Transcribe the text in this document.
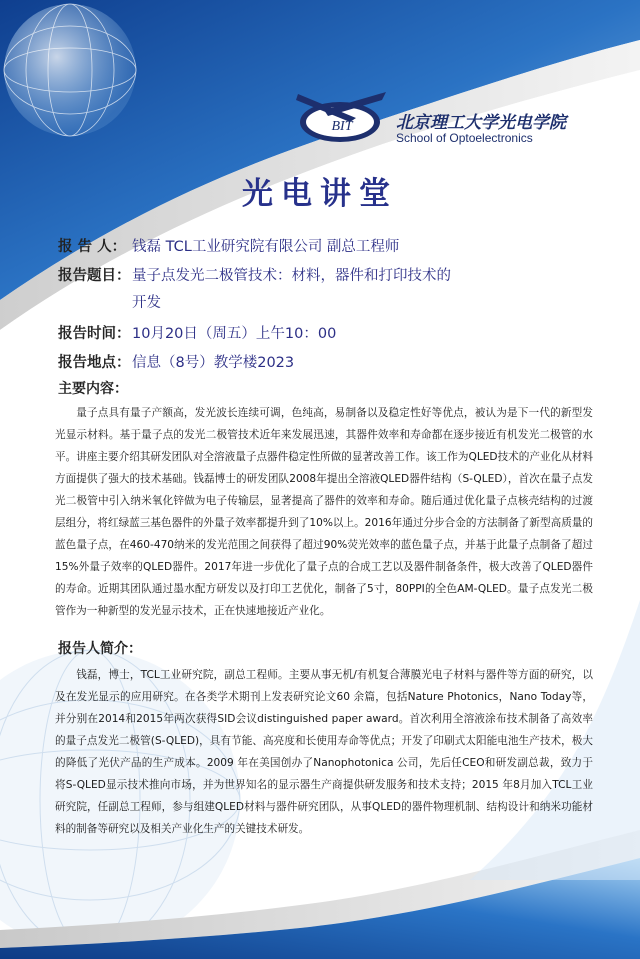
BIT	北京理工大学光电学院
School of Optoelectronics
光电讲堂
报 告 人： 钱磊 TCL工业研究院有限公司 副总工程师
报告题目： 量子点发光二极管技术：材料，器件和打印技术的开发
报告时间： 10月20日（周五）上午10：00
报告地点： 信息（8号）教学楼2023
主要内容：

量子点具有量子产额高，发光波长连续可调，色纯高，易制备以及稳定性好等优点，被认为是下一代的新型发光显示材料。基于量子点的发光二极管技术近年来发展迅速，其器件效率和寿命都在逐步接近有机发光二极管的水平。讲座主要介绍其研发团队对全溶液量子点器件稳定性所做的显著改善工作。该工作为QLED技术的产业化从材料方面提供了强大的技术基础。钱磊博士的研发团队2008年提出全溶液QLED器件结构（S-QLED），首次在量子点发光二极管中引入纳米氧化锌做为电子传输层，显著提高了器件的效率和寿命。随后通过优化量子点核壳结构的过渡层组分，将红绿蓝三基色器件的外量子效率都提升到了10%以上。2016年通过分步合金的方法制备了新型高质量的蓝色量子点，在460-470纳米的发光范围之间获得了超过90%荧光效率的蓝色量子点，并基于此量子点制备了超过15%外量子效率的QLED器件。2017年进一步优化了量子点的合成工艺以及器件制备条件，极大改善了QLED器件的寿命。近期其团队通过墨水配方研发以及打印工艺优化，制备了5寸，80PPI的全色AM-QLED。量子点发光二极管作为一种新型的发光显示技术，正在快速地接近产业化。

报告人简介：

钱磊，博士，TCL工业研究院，副总工程师。主要从事无机/有机复合薄膜光电子材料与器件等方面的研究，以及在发光显示的应用研究。在各类学术期刊上发表研究论文60 余篇，包括Nature Photonics，Nano Today等，并分别在2014和2015年两次获得SID会议distinguished paper award。首次利用全溶液涂布技术制备了高效率的量子点发光二极管(S-QLED)，具有节能、高亮度和长使用寿命等优点；开发了印刷式太阳能电池生产技术，极大的降低了光伏产品的生产成本。2009 年在美国创办了Nanophotonica 公司，先后任CEO和研发副总裁，致力于将S-QLED显示技术推向市场，并为世界知名的显示器生产商提供研发服务和技术支持；2015 年8月加入TCL工业研究院，任副总工程师，参与组建QLED材料与器件研究团队，从事QLED的器件物理机制、结构设计和纳米功能材料的制备等研究以及相关产业化生产的关键技术研发。
